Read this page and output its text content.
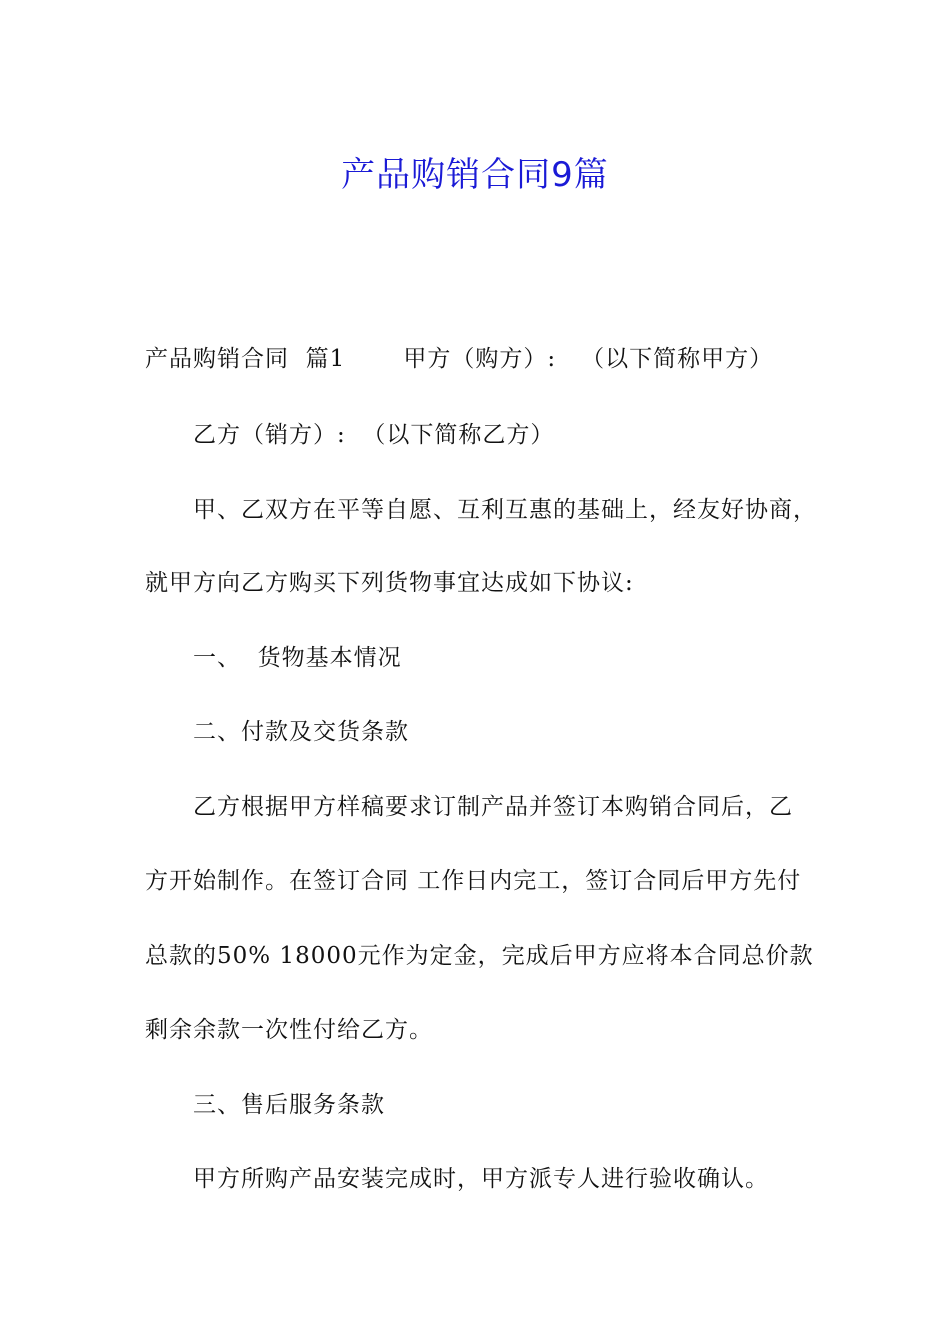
产品购销合同9篇
产品购销合同  篇1       甲方（购方）:   （以下简称甲方）
乙方（销方）:  （以下简称乙方）
甲、乙双方在平等自愿、互利互惠的基础上，经友好协商，
就甲方向乙方购买下列货物事宜达成如下协议:
一、  货物基本情况
二、付款及交货条款
乙方根据甲方样稿要求订制产品并签订本购销合同后，乙
方开始制作。在签订合同 工作日内完工，签订合同后甲方先付
总款的50% 18000元作为定金，完成后甲方应将本合同总价款
剩余余款一次性付给乙方。
三、售后服务条款
甲方所购产品安装完成时，甲方派专人进行验收确认。
